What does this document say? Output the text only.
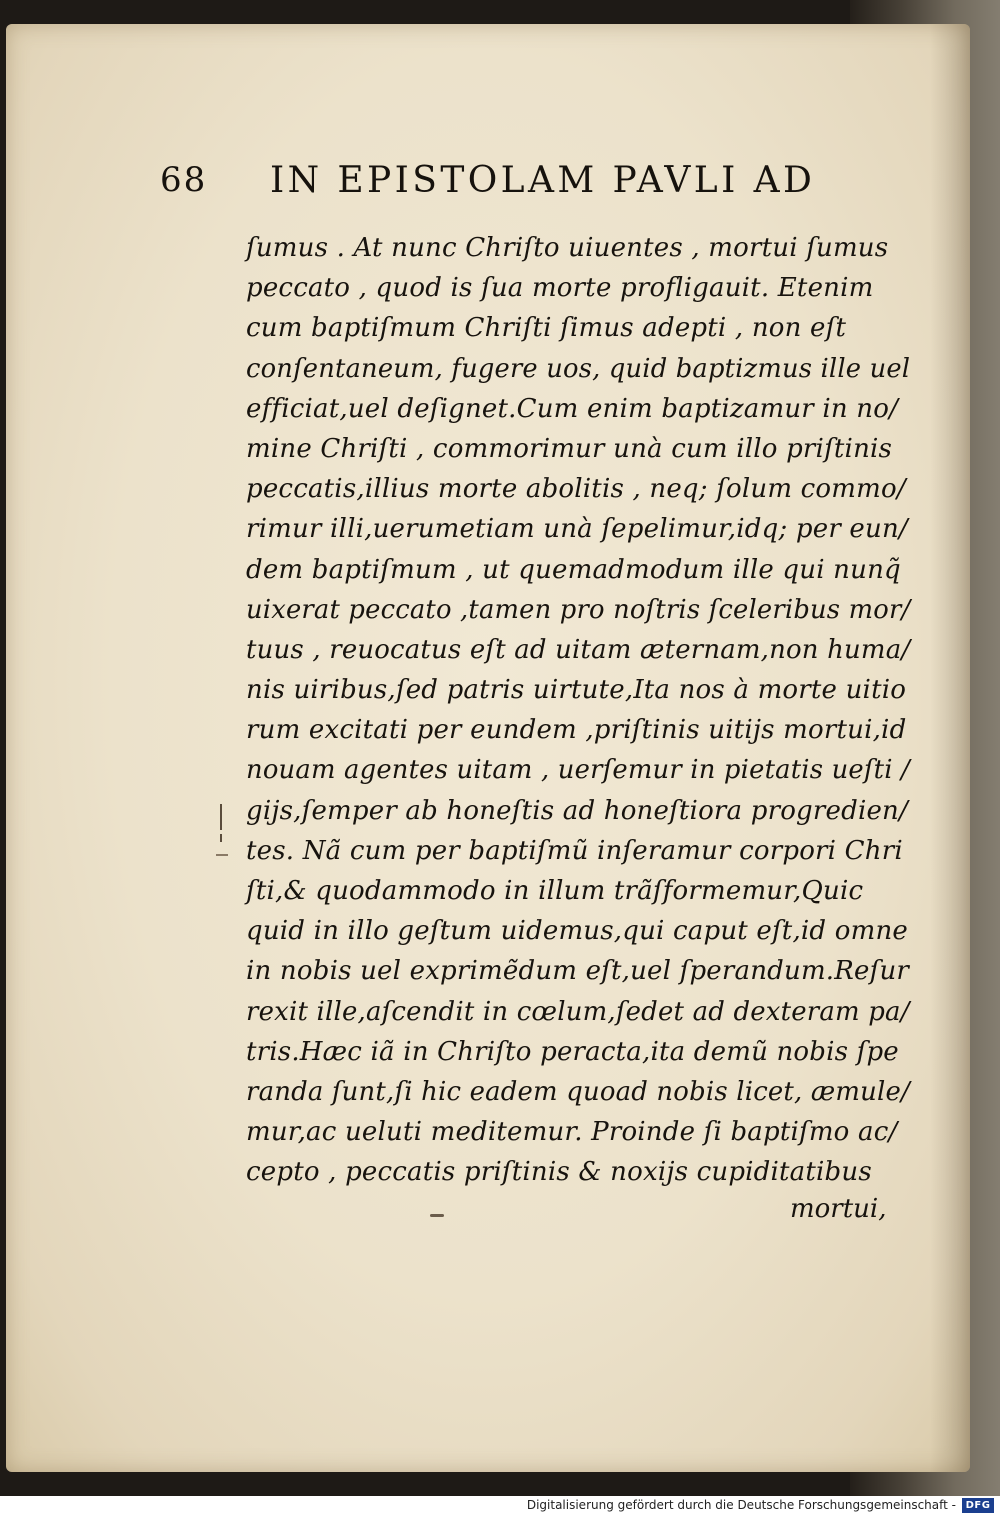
68 IN EPISTOLAM PAVLI AD
ſumus . At nunc Chriſto uiuentes , mortui ſumus
peccato , quod is ſua morte profligauit. Etenim
cum baptiſmum Chriſti ſimus adepti , non eſt
conſentaneum, fugere uos, quid baptizmus ille uel
efficiat,uel deſignet.Cum enim baptizamur in no/
mine Chriſti , commorimur unà cum illo priſtinis
peccatis,illius morte abolitis , neq; ſolum commo/
rimur illi,uerumetiam unà ſepelimur,idq; per eun/
dem baptiſmum , ut quemadmodum ille qui nunq̃
uixerat peccato ,tamen pro noſtris ſceleribus mor/
tuus , reuocatus eſt ad uitam æternam,non huma/
nis uiribus,ſed patris uirtute,Ita nos à morte uitio
rum excitati per eundem ,priſtinis uitijs mortui,id
nouam agentes uitam , uerſemur in pietatis ueſti /
gijs,ſemper ab honeſtis ad honeſtiora progredien/
tes. Nã cum per baptiſmũ inſeramur corpori Chri
ſti,& quodammodo in illum trãſformemur,Quic
quid in illo geſtum uidemus,qui caput eſt,id omne
in nobis uel exprimẽdum eſt,uel ſperandum.Reſur
rexit ille,aſcendit in cœlum,ſedet ad dexteram pa/
tris.Hæc iã in Chriſto peracta,ita demũ nobis ſpe
randa ſunt,ſi hic eadem quoad nobis licet, æmule/
mur,ac ueluti meditemur. Proinde ſi baptiſmo ac/
cepto , peccatis priſtinis & noxijs cupiditatibus
mortui,
Digitalisierung gefördert durch die Deutsche Forschungsgemeinschaft - DFG
